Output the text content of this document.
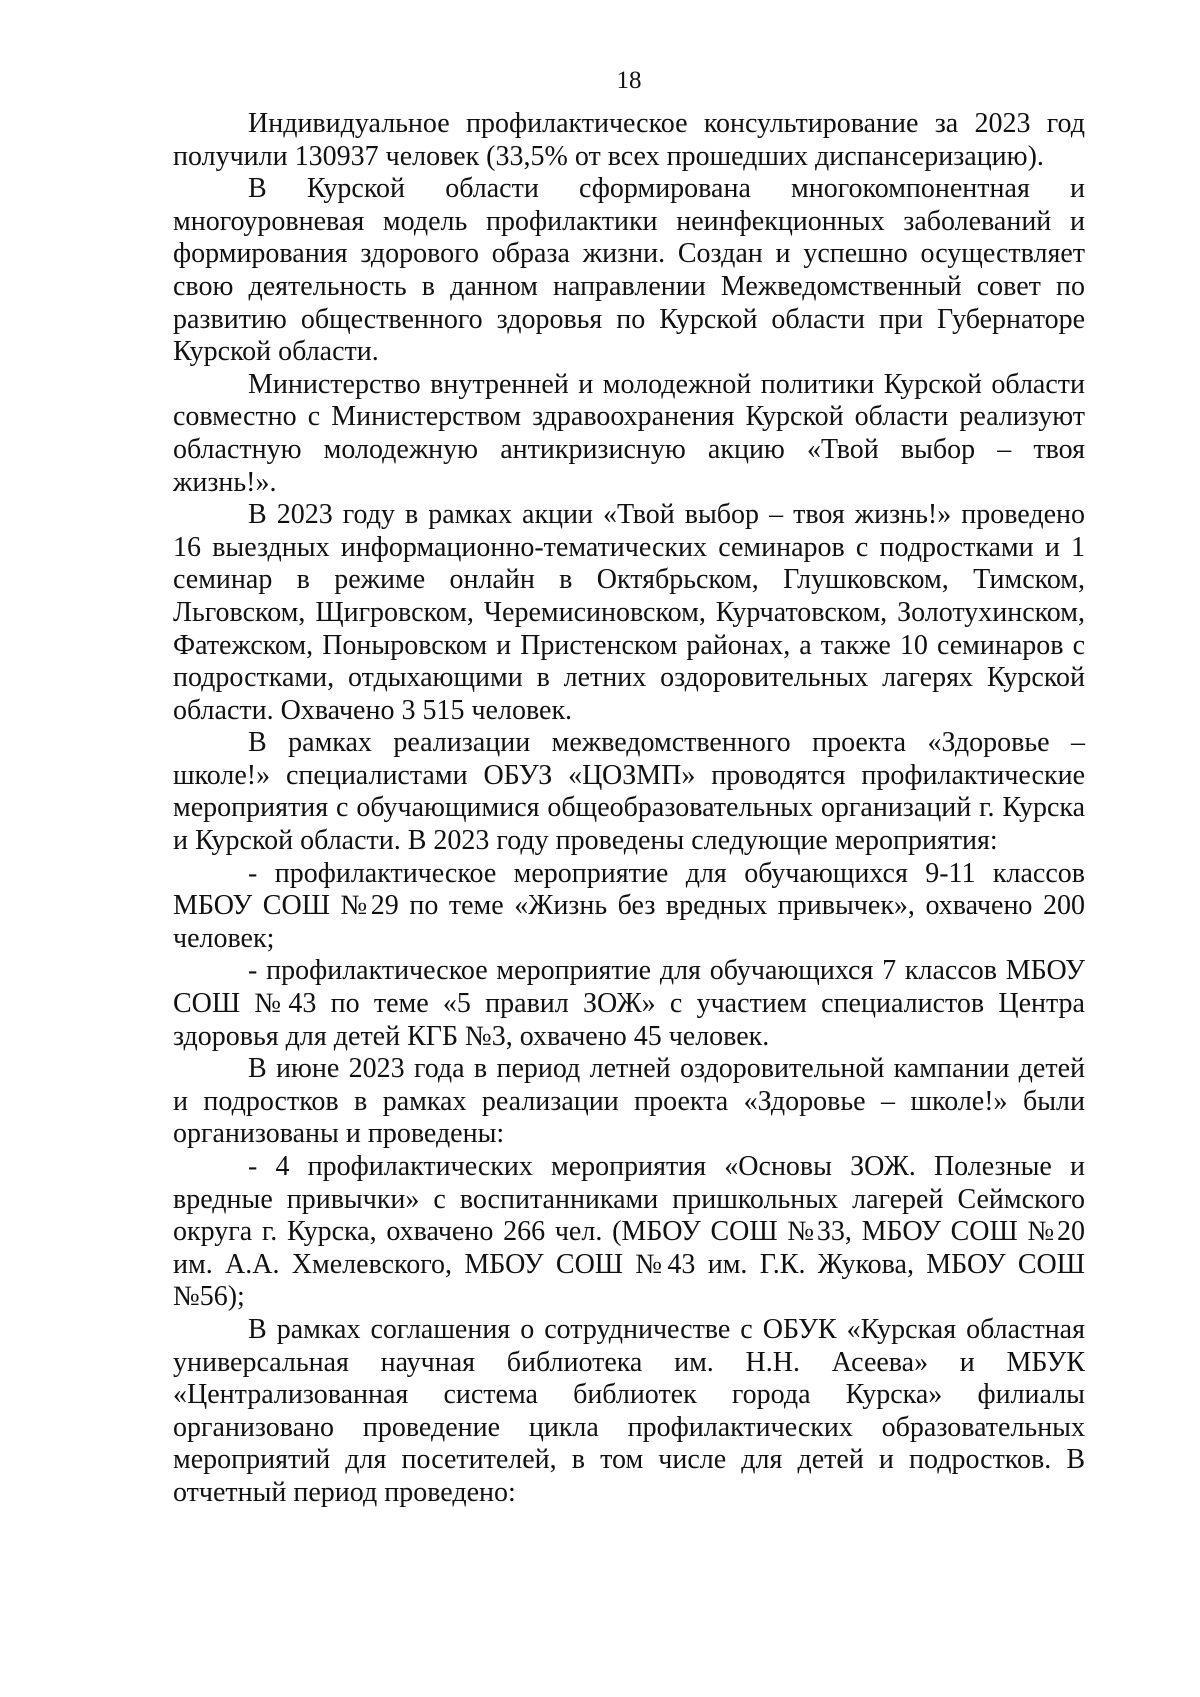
18

Индивидуальное профилактическое консультирование за 2023 год получили 130937 человек (33,5% от всех прошедших диспансеризацию).

В Курской области сформирована многокомпонентная и многоуровневая модель профилактики неинфекционных заболеваний и формирования здорового образа жизни. Создан и успешно осуществляет свою деятельность в данном направлении Межведомственный совет по развитию общественного здоровья по Курской области при Губернаторе Курской области.

Министерство внутренней и молодежной политики Курской области совместно с Министерством здравоохранения Курской области реализуют областную молодежную антикризисную акцию «Твой выбор – твоя жизнь!».

В 2023 году в рамках акции «Твой выбор – твоя жизнь!» проведено 16 выездных информационно-тематических семинаров с подростками и 1 семинар в режиме онлайн в Октябрьском, Глушковском, Тимском, Льговском, Щигровском, Черемисиновском, Курчатовском, Золотухинском, Фатежском, Поныровском и Пристенском районах, а также 10 семинаров с подростками, отдыхающими в летних оздоровительных лагерях Курской области. Охвачено 3 515 человек.

В рамках реализации межведомственного проекта «Здоровье – школе!» специалистами ОБУЗ «ЦОЗМП» проводятся профилактические мероприятия с обучающимися общеобразовательных организаций г. Курска и Курской области. В 2023 году проведены следующие мероприятия:

- профилактическое мероприятие для обучающихся 9-11 классов МБОУ СОШ №29 по теме «Жизнь без вредных привычек», охвачено 200 человек;

- профилактическое мероприятие для обучающихся 7 классов МБОУ СОШ №43 по теме «5 правил ЗОЖ» с участием специалистов Центра здоровья для детей КГБ №3, охвачено 45 человек.

В июне 2023 года в период летней оздоровительной кампании детей и подростков в рамках реализации проекта «Здоровье – школе!» были организованы и проведены:

- 4 профилактических мероприятия «Основы ЗОЖ. Полезные и вредные привычки» с воспитанниками пришкольных лагерей Сеймского округа г. Курска, охвачено 266 чел. (МБОУ СОШ №33, МБОУ СОШ №20 им. А.А. Хмелевского, МБОУ СОШ №43 им. Г.К. Жукова, МБОУ СОШ №56);

В рамках соглашения о сотрудничестве с ОБУК «Курская областная универсальная научная библиотека им. Н.Н. Асеева» и МБУК «Централизованная система библиотек города Курска» филиалы организовано проведение цикла профилактических образовательных мероприятий для посетителей, в том числе для детей и подростков. В отчетный период проведено:
